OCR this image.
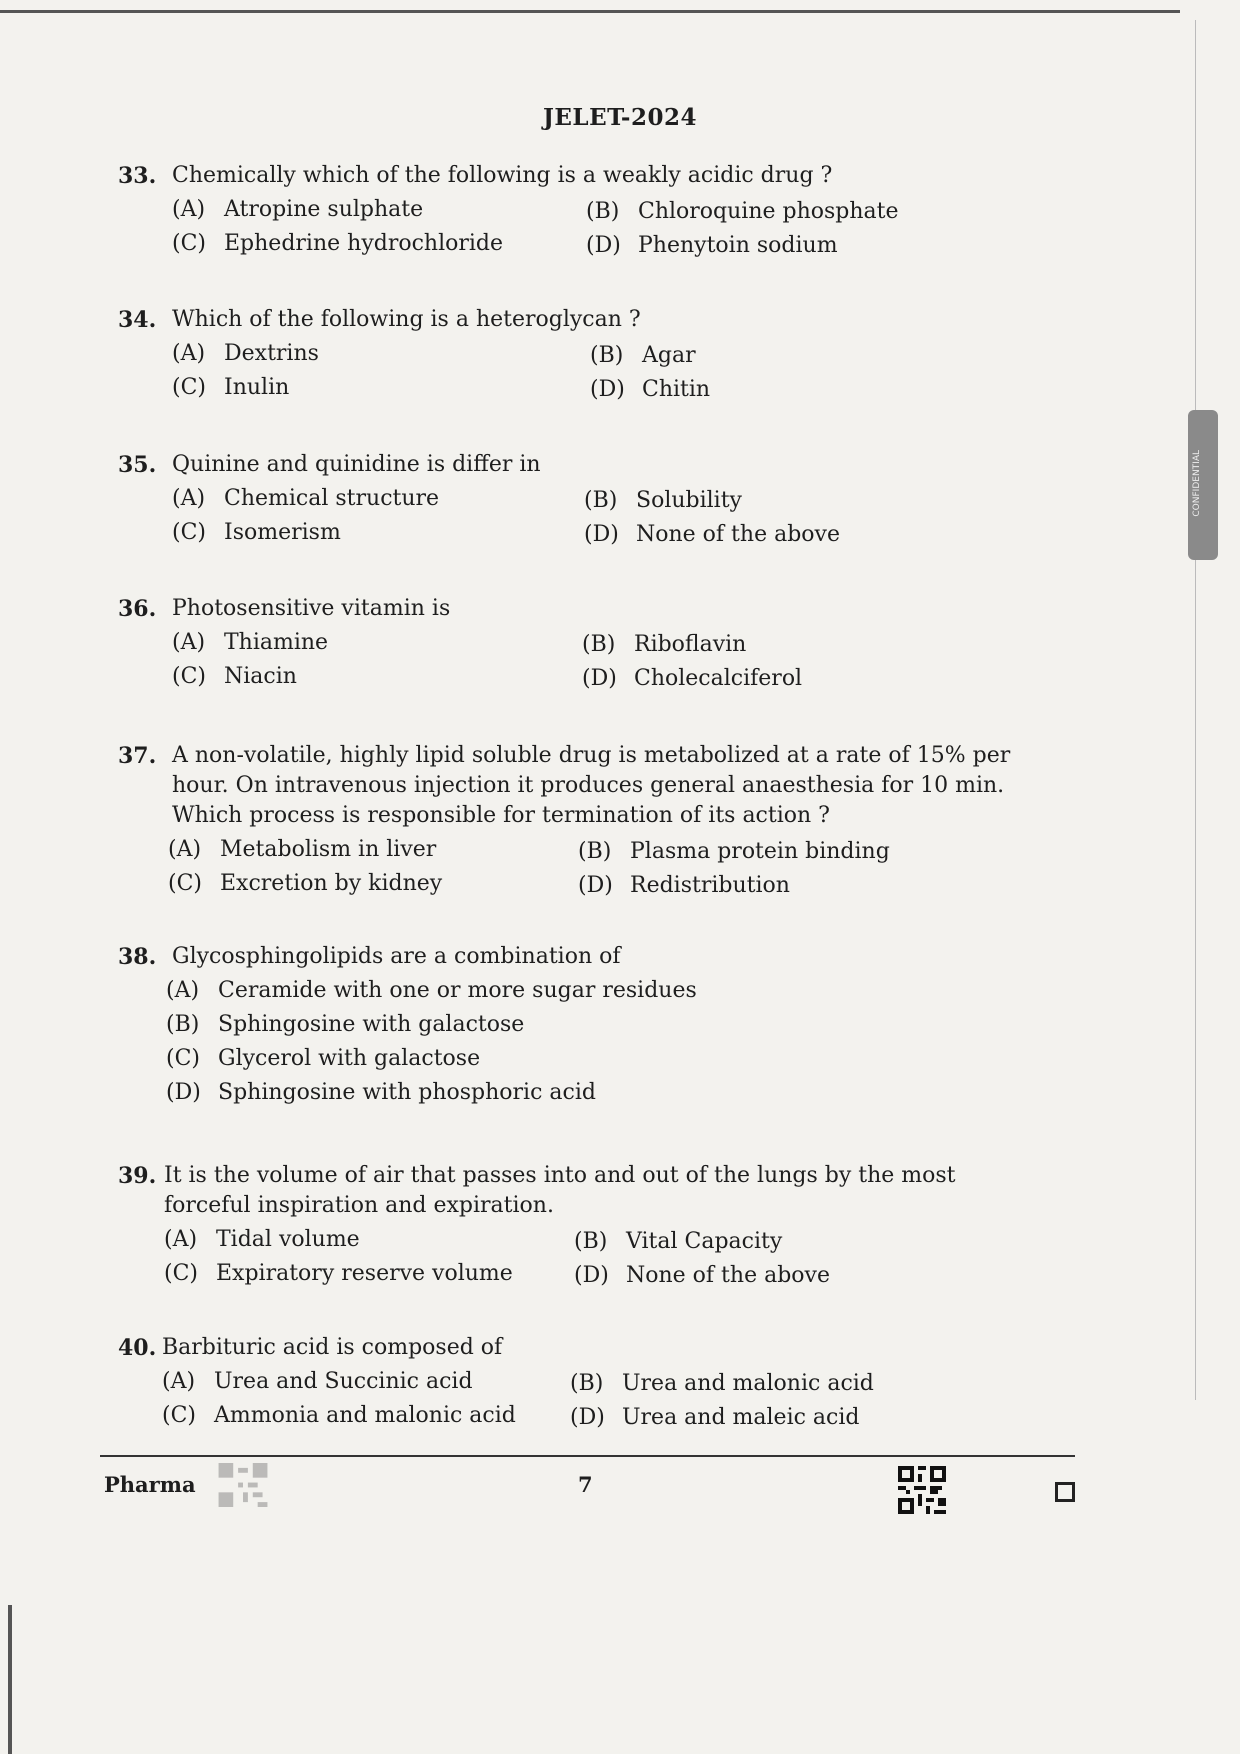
JELET-2024
33. Chemically which of the following is a weakly acidic drug ?
(A) Atropine sulphate	(B) Chloroquine phosphate
(C) Ephedrine hydrochloride	(D) Phenytoin sodium
34. Which of the following is a heteroglycan ?
(A) Dextrins	(B) Agar
(C) Inulin	(D) Chitin
35. Quinine and quinidine is differ in
(A) Chemical structure	(B) Solubility
(C) Isomerism	(D) None of the above
36. Photosensitive vitamin is
(A) Thiamine	(B) Riboflavin
(C) Niacin	(D) Cholecalciferol
37. A non-volatile, highly lipid soluble drug is metabolized at a rate of 15% per
hour. On intravenous injection it produces general anaesthesia for 10 min.
Which process is responsible for termination of its action ?
(A) Metabolism in liver	(B) Plasma protein binding
(C) Excretion by kidney	(D) Redistribution
38. Glycosphingolipids are a combination of
(A) Ceramide with one or more sugar residues
(B) Sphingosine with galactose
(C) Glycerol with galactose
(D) Sphingosine with phosphoric acid
39. It is the volume of air that passes into and out of the lungs by the most
forceful inspiration and expiration.
(A) Tidal volume	(B) Vital Capacity
(C) Expiratory reserve volume	(D) None of the above
40. Barbituric acid is composed of
(A) Urea and Succinic acid	(B) Urea and malonic acid
(C) Ammonia and malonic acid (D) Urea and maleic acid
Pharma	7
CONFIDENTIAL
